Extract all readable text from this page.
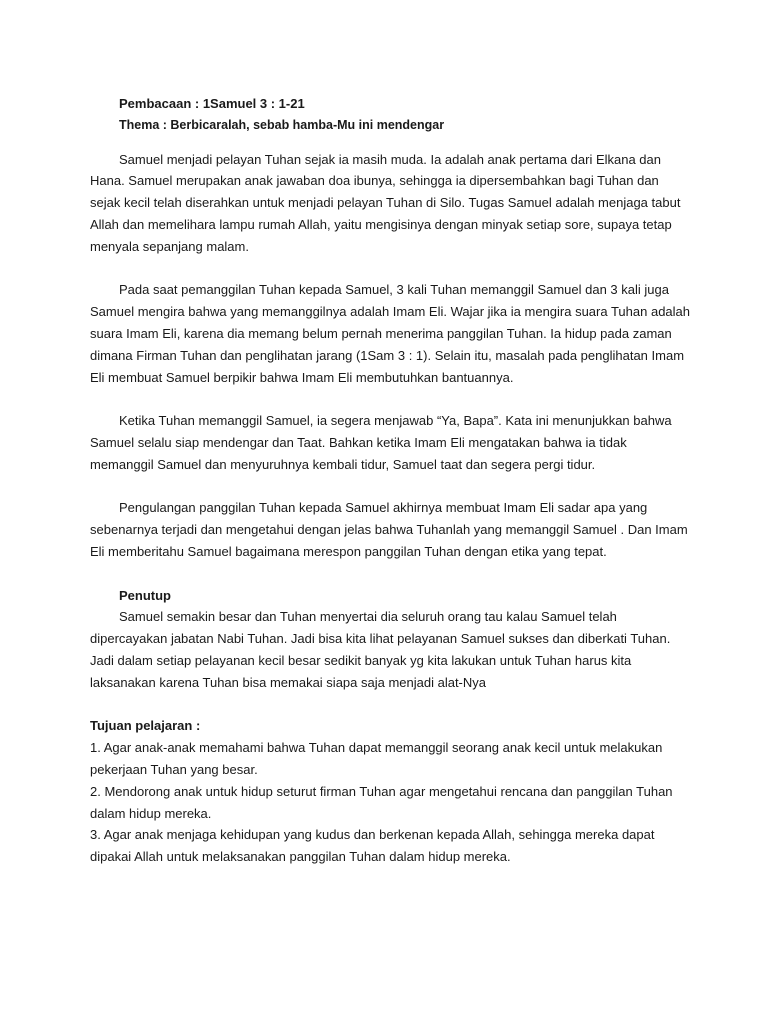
Pembacaan : 1Samuel 3 : 1-21

Thema : Berbicaralah, sebab hamba-Mu ini mendengar

Samuel menjadi pelayan Tuhan sejak ia masih muda. Ia adalah anak pertama dari Elkana dan Hana. Samuel merupakan anak jawaban doa ibunya, sehingga ia dipersembahkan bagi Tuhan dan sejak kecil telah diserahkan untuk menjadi pelayan Tuhan di Silo. Tugas Samuel adalah menjaga tabut Allah dan memelihara lampu rumah Allah, yaitu mengisinya dengan minyak setiap sore, supaya tetap menyala sepanjang malam.

Pada saat pemanggilan Tuhan kepada Samuel, 3 kali Tuhan memanggil Samuel dan 3 kali juga Samuel mengira bahwa yang memanggilnya adalah Imam Eli. Wajar jika ia mengira suara Tuhan adalah suara Imam Eli, karena dia memang belum pernah menerima panggilan Tuhan. Ia hidup pada zaman dimana Firman Tuhan dan penglihatan jarang (1Sam 3 : 1). Selain itu, masalah pada penglihatan Imam Eli membuat Samuel berpikir bahwa Imam Eli membutuhkan bantuannya.

Ketika Tuhan memanggil Samuel, ia segera menjawab “Ya, Bapa”. Kata ini menunjukkan bahwa Samuel selalu siap mendengar dan Taat. Bahkan ketika Imam Eli mengatakan bahwa ia tidak memanggil Samuel dan menyuruhnya kembali tidur, Samuel taat dan segera pergi tidur.

Pengulangan panggilan Tuhan kepada Samuel akhirnya membuat Imam Eli sadar apa yang sebenarnya terjadi dan mengetahui dengan jelas bahwa Tuhanlah yang memanggil Samuel . Dan Imam Eli memberitahu Samuel bagaimana merespon panggilan Tuhan dengan etika yang tepat.

Penutup

Samuel semakin besar dan Tuhan menyertai dia seluruh orang tau kalau Samuel telah dipercayakan jabatan Nabi Tuhan. Jadi bisa kita lihat pelayanan Samuel sukses dan diberkati Tuhan. Jadi dalam setiap pelayanan kecil besar sedikit banyak yg kita lakukan untuk Tuhan harus kita laksanakan karena Tuhan bisa memakai siapa saja menjadi alat-Nya

Tujuan pelajaran :

1. Agar anak-anak memahami bahwa Tuhan dapat memanggil seorang anak kecil untuk melakukan pekerjaan Tuhan yang besar.

2. Mendorong anak untuk hidup seturut firman Tuhan agar mengetahui rencana dan panggilan Tuhan dalam hidup mereka.

3. Agar anak menjaga kehidupan yang kudus dan berkenan kepada Allah, sehingga mereka dapat dipakai Allah untuk melaksanakan panggilan Tuhan dalam hidup mereka.
